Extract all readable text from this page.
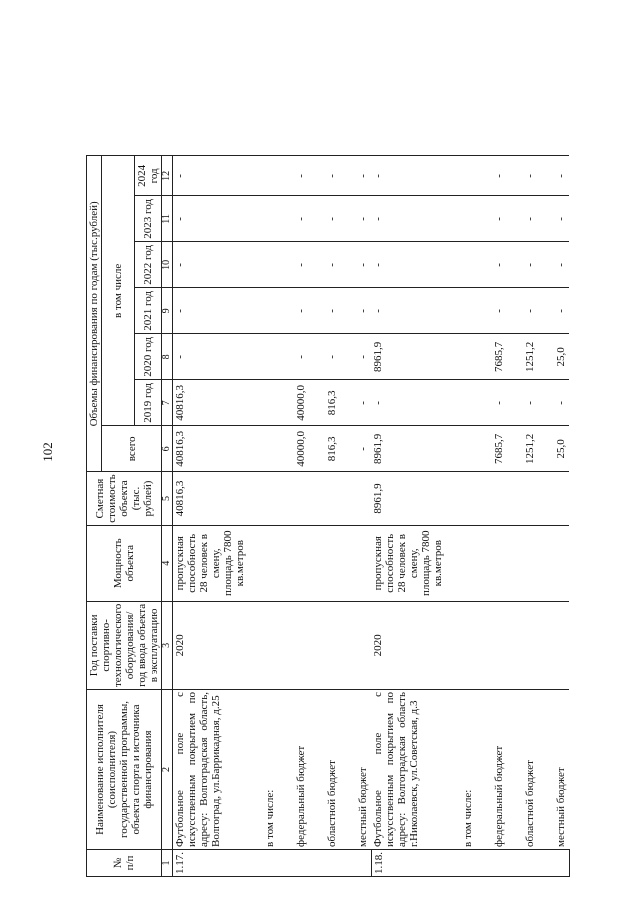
102
№ п/п	Наименование исполнителя (соисполнителя) государственной программы, объекта спорта и источника финансирования	Год поставки спортивно-технологического оборудования/ год ввода объекта в эксплуатацию	Мощность объекта	Сметная стоимость объекта (тыс. рублей)	Объемы финансирования по годам (тыс.рублей)						
					всего	в том числе					
						2019 год	2020 год	2021 год	2022 год	2023 год	2024 год
1	2	3	4	5	6	7	8	9	10	11	12
1.17.	Футбольное поле с искусственным покрытием по адресу: Волгоградская область, Волгоград, ул.Баррикадная, д.25	2020	пропускная способность 28 человек в смену, площадь 7800 кв.метров	40816,3	40816,3	40816,3	-	-	-	-	-
	в том числе:										
	федеральный бюджет				40000,0	40000,0	-	-	-	-	-
	областной бюджет				816,3	816,3	-	-	-	-	-
	местный бюджет				-	-	-	-	-	-	-
1.18.	Футбольное поле с искусственным покрытием по адресу: Волгоградская область г.Николаевск, ул.Советская, д.3	2020	пропускная способность 28 человек в смену, площадь 7800 кв.метров	8961,9	8961,9	-	8961,9	-	-	-	-
	в том числе:										
	федеральный бюджет				7685,7	-	7685,7	-	-	-	-
	областной бюджет				1251,2	-	1251,2	-	-	-	-
	местный бюджет				25,0	-	25,0	-	-	-	-
